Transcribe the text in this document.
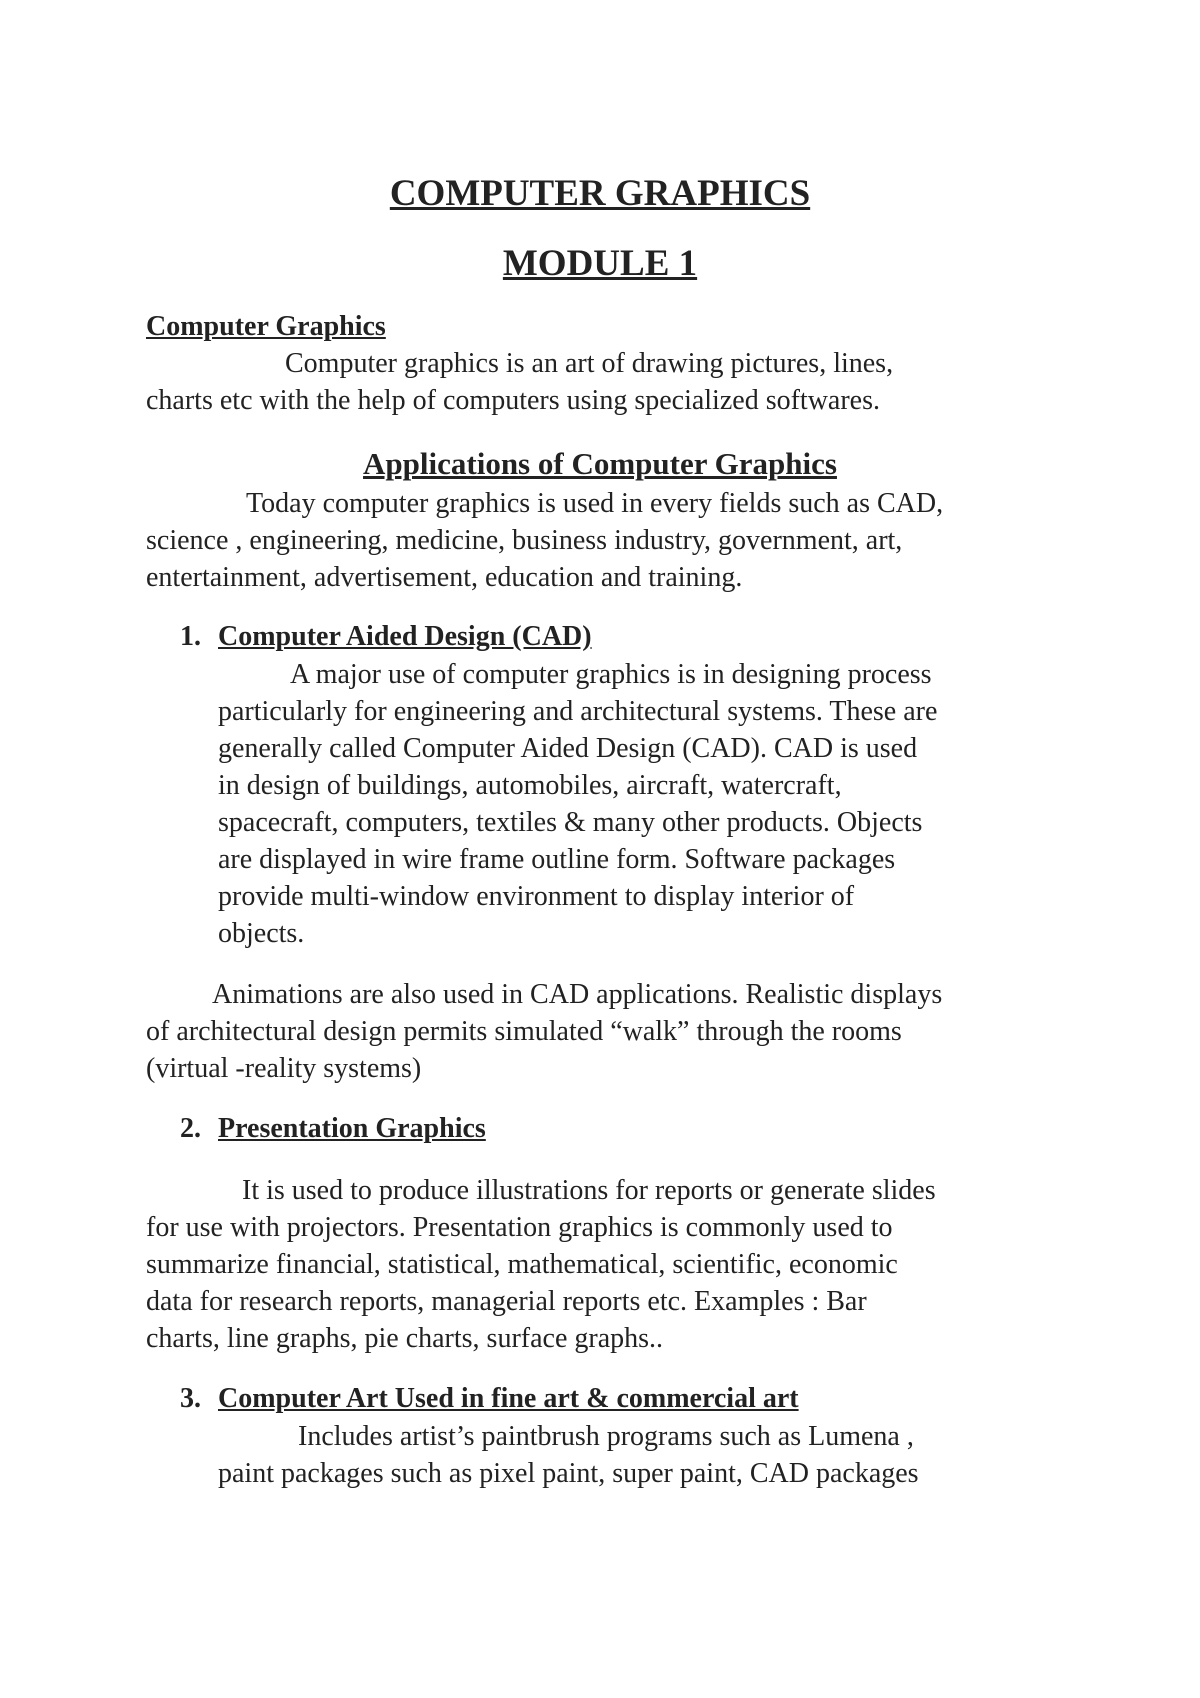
COMPUTER GRAPHICS
MODULE 1
Computer Graphics
Computer graphics is an art of drawing pictures, lines,
charts etc with the help of computers using specialized softwares.
Applications of Computer Graphics
Today computer graphics is used in every fields such as CAD,
science , engineering, medicine, business industry, government, art,
entertainment, advertisement, education and training.
1. Computer Aided Design (CAD)
A major use of computer graphics is in designing process
particularly for engineering and architectural systems. These are
generally called Computer Aided Design (CAD). CAD is used
in design of buildings, automobiles, aircraft, watercraft,
spacecraft, computers, textiles & many other products. Objects
are displayed in wire frame outline form. Software packages
provide multi-window environment to display interior of
objects.
Animations are also used in CAD applications. Realistic displays
of architectural design permits simulated “walk” through the rooms
(virtual -reality systems)
2. Presentation Graphics
It is used to produce illustrations for reports or generate slides
for use with projectors. Presentation graphics is commonly used to
summarize financial, statistical, mathematical, scientific, economic
data for research reports, managerial reports etc. Examples : Bar
charts, line graphs, pie charts, surface graphs..
3. Computer Art Used in fine art & commercial art
Includes artist’s paintbrush programs such as Lumena ,
paint packages such as pixel paint, super paint, CAD packages
